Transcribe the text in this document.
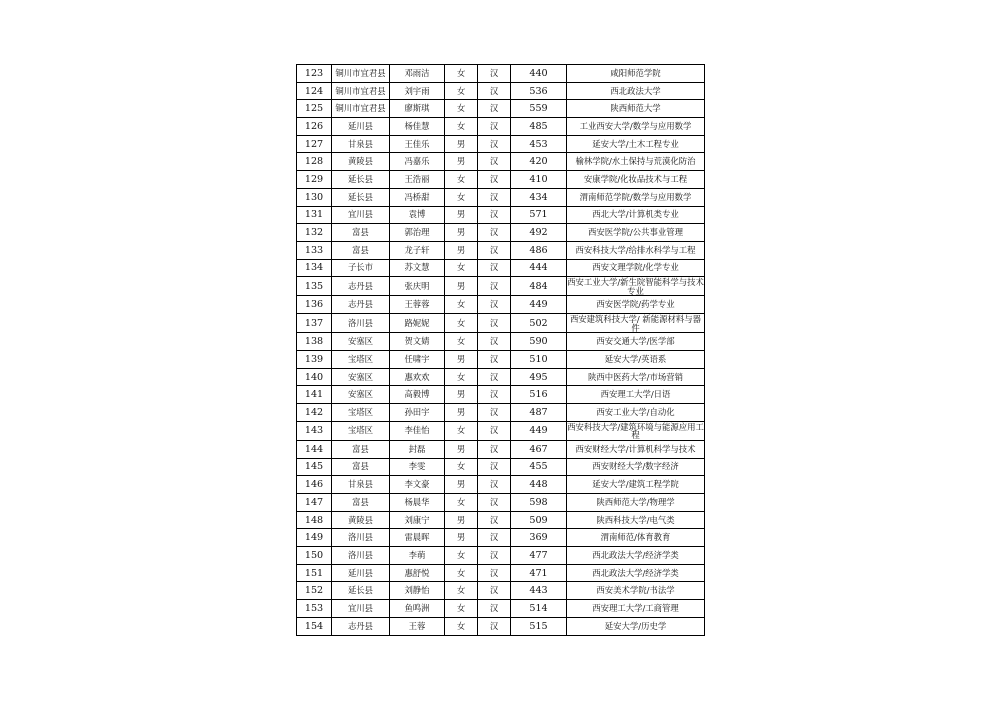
123	铜川市宜君县	邓雨洁	女	汉	440	咸阳师范学院
124	铜川市宜君县	刘宇雨	女	汉	536	西北政法大学
125	铜川市宜君县	廖斯琪	女	汉	559	陕西师范大学
126	延川县	杨佳慧	女	汉	485	工业西安大学/数学与应用数学
127	甘泉县	王佳乐	男	汉	453	延安大学/土木工程专业
128	黄陵县	冯嘉乐	男	汉	420	榆林学院/水土保持与荒漠化防治
129	延长县	王浩丽	女	汉	410	安康学院/化妆品技术与工程
130	延长县	冯桥甜	女	汉	434	渭南师范学院/数学与应用数学
131	宜川县	袁博	男	汉	571	西北大学/计算机类专业
132	富县	郭治理	男	汉	492	西安医学院/公共事业管理
133	富县	龙子轩	男	汉	486	西安科技大学/给排水科学与工程
134	子长市	苏文慧	女	汉	444	西安文理学院/化学专业
135	志丹县	张庆明	男	汉	484	西安工业大学/新生院智能科学与技术专业
136	志丹县	王蓉蓉	女	汉	449	西安医学院/药学专业
137	洛川县	路妮妮	女	汉	502	西安建筑科技大学/ 新能源材料与器件
138	安塞区	贺文婧	女	汉	590	西安交通大学/医学部
139	宝塔区	任啸宇	男	汉	510	延安大学/英语系
140	安塞区	惠欢欢	女	汉	495	陕西中医药大学/市场营销
141	安塞区	高毅博	男	汉	516	西安理工大学/日语
142	宝塔区	孙田宇	男	汉	487	西安工业大学/自动化
143	宝塔区	李佳怡	女	汉	449	西安科技大学/建筑环境与能源应用工程
144	富县	封磊	男	汉	467	西安财经大学/计算机科学与技术
145	富县	李雯	女	汉	455	西安财经大学/数字经济
146	甘泉县	李文豪	男	汉	448	延安大学/建筑工程学院
147	富县	杨晨华	女	汉	598	陕西师范大学/物理学
148	黄陵县	刘康宁	男	汉	509	陕西科技大学/电气类
149	洛川县	雷晨晖	男	汉	369	渭南师范/体育教育
150	洛川县	李萌	女	汉	477	西北政法大学/经济学类
151	延川县	惠舒悦	女	汉	471	西北政法大学/经济学类
152	延长县	刘静怡	女	汉	443	西安美术学院/书法学
153	宜川县	鱼鸣洲	女	汉	514	西安理工大学/工商管理
154	志丹县	王蓉	女	汉	515	延安大学/历史学
